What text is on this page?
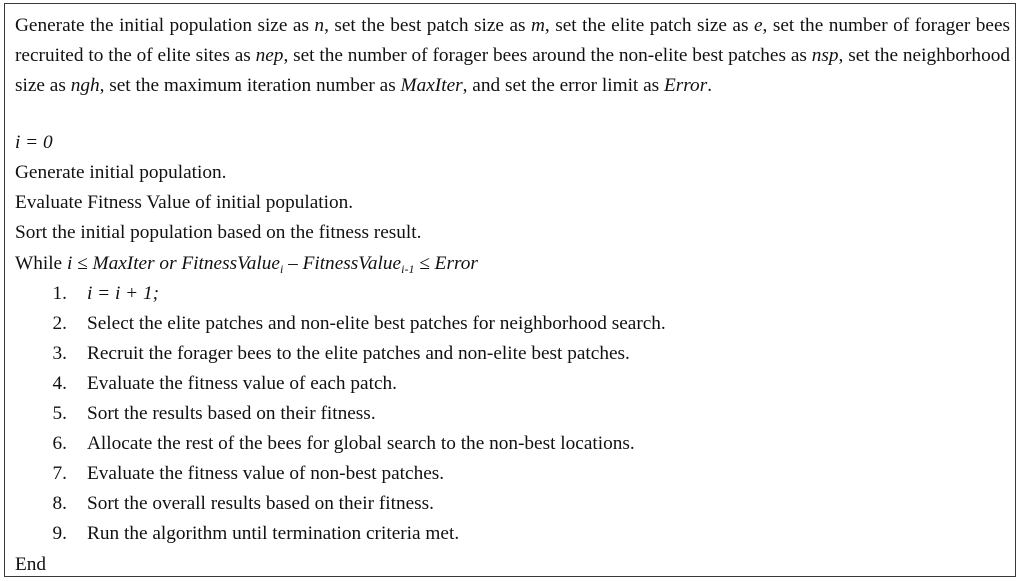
Generate the initial population size as n, set the best patch size as m, set the elite patch size as e, set the number of forager bees recruited to the of elite sites as nep, set the number of forager bees around the non-elite best patches as nsp, set the neighborhood size as ngh, set the maximum iteration number as MaxIter, and set the error limit as Error.
i = 0
Generate initial population.
Evaluate Fitness Value of initial population.
Sort the initial population based on the fitness result.
While i ≤ MaxIter or FitnessValue$_i$ – FitnessValue$_{i-1}$ ≤ Error
1. i = i + 1;
2. Select the elite patches and non-elite best patches for neighborhood search.
3. Recruit the forager bees to the elite patches and non-elite best patches.
4. Evaluate the fitness value of each patch.
5. Sort the results based on their fitness.
6. Allocate the rest of the bees for global search to the non-best locations.
7. Evaluate the fitness value of non-best patches.
8. Sort the overall results based on their fitness.
9. Run the algorithm until termination criteria met.
End
